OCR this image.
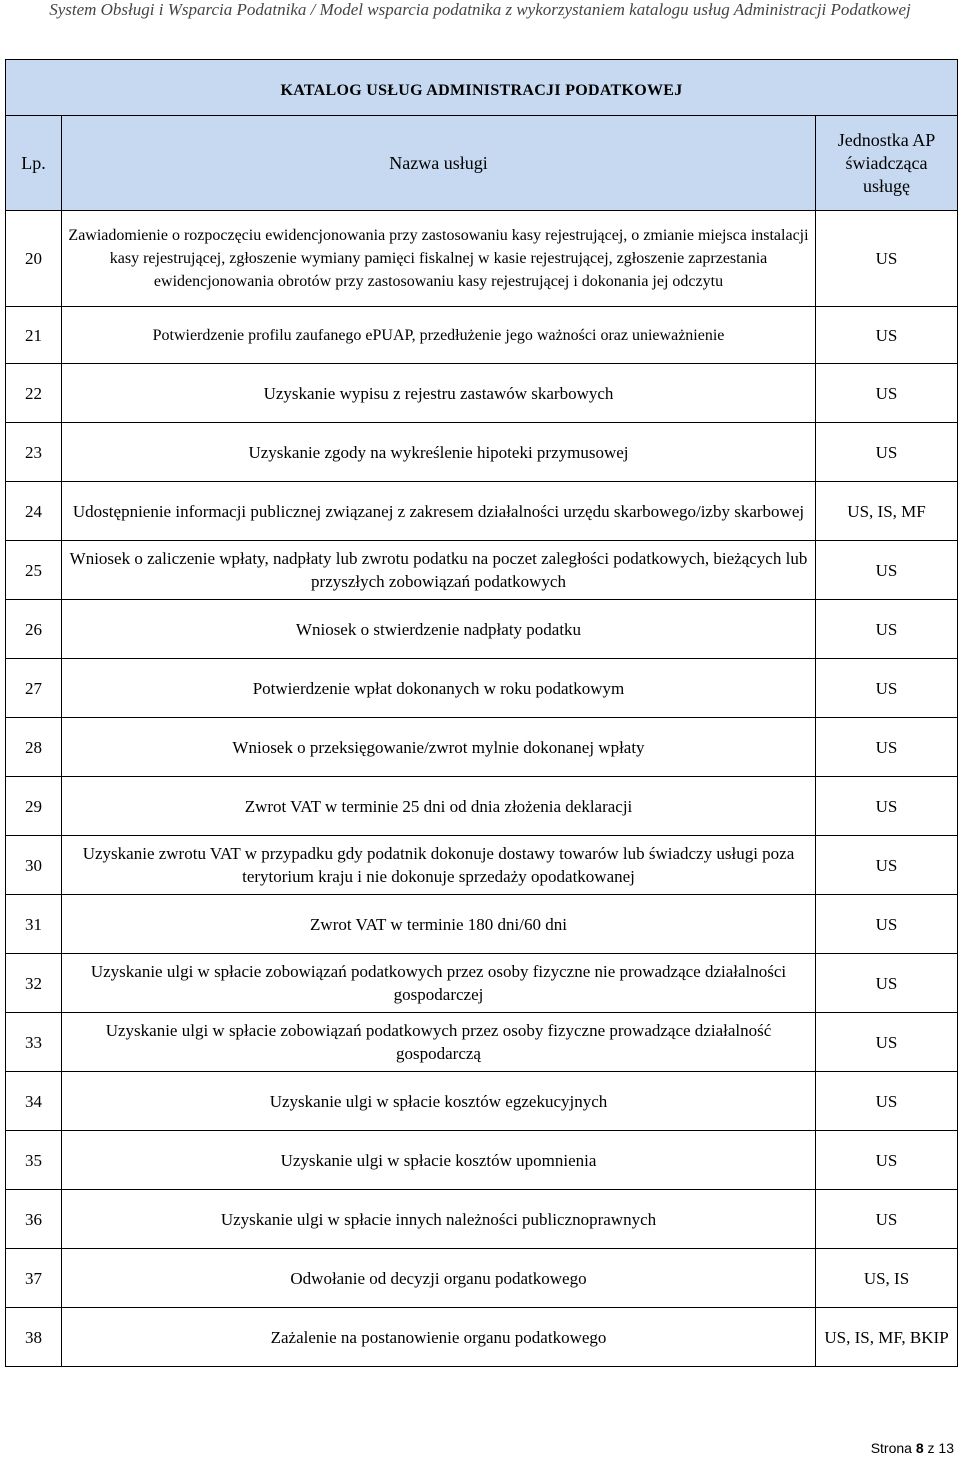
System Obsługi i Wsparcia Podatnika / Model wsparcia podatnika z wykorzystaniem katalogu usług Administracji Podatkowej
KATALOG USŁUG ADMINISTRACJI PODATKOWEJ		
Lp.	Nazwa usługi	Jednostka AP świadcząca usługę
20	Zawiadomienie o rozpoczęciu ewidencjonowania przy zastosowaniu kasy rejestrującej, o zmianie miejsca instalacji kasy rejestrującej, zgłoszenie wymiany pamięci fiskalnej w kasie rejestrującej, zgłoszenie zaprzestania ewidencjonowania obrotów przy zastosowaniu kasy rejestrującej i dokonania jej odczytu	US
21	Potwierdzenie profilu zaufanego ePUAP, przedłużenie jego ważności oraz unieważnienie	US
22	Uzyskanie wypisu z rejestru zastawów skarbowych	US
23	Uzyskanie zgody na wykreślenie hipoteki przymusowej	US
24	Udostępnienie informacji publicznej związanej z zakresem działalności urzędu skarbowego/izby skarbowej	US, IS, MF
25	Wniosek o zaliczenie wpłaty, nadpłaty lub zwrotu podatku na poczet zaległości podatkowych, bieżących lub przyszłych zobowiązań podatkowych	US
26	Wniosek o stwierdzenie nadpłaty podatku	US
27	Potwierdzenie wpłat dokonanych w roku podatkowym	US
28	Wniosek o przeksięgowanie/zwrot mylnie dokonanej wpłaty	US
29	Zwrot VAT w terminie 25 dni od dnia złożenia deklaracji	US
30	Uzyskanie zwrotu VAT w przypadku gdy podatnik dokonuje dostawy towarów lub świadczy usługi poza terytorium kraju i nie dokonuje sprzedaży opodatkowanej	US
31	Zwrot VAT w terminie 180 dni/60 dni	US
32	Uzyskanie ulgi w spłacie zobowiązań podatkowych przez osoby fizyczne nie prowadzące działalności gospodarczej	US
33	Uzyskanie ulgi w spłacie zobowiązań podatkowych przez osoby fizyczne prowadzące działalność gospodarczą	US
34	Uzyskanie ulgi w spłacie kosztów egzekucyjnych	US
35	Uzyskanie ulgi w spłacie kosztów upomnienia	US
36	Uzyskanie ulgi w spłacie innych należności publicznoprawnych	US
37	Odwołanie od decyzji organu podatkowego	US, IS
38	Zażalenie na postanowienie organu podatkowego	US, IS, MF, BKIP
Strona 8 z 13
